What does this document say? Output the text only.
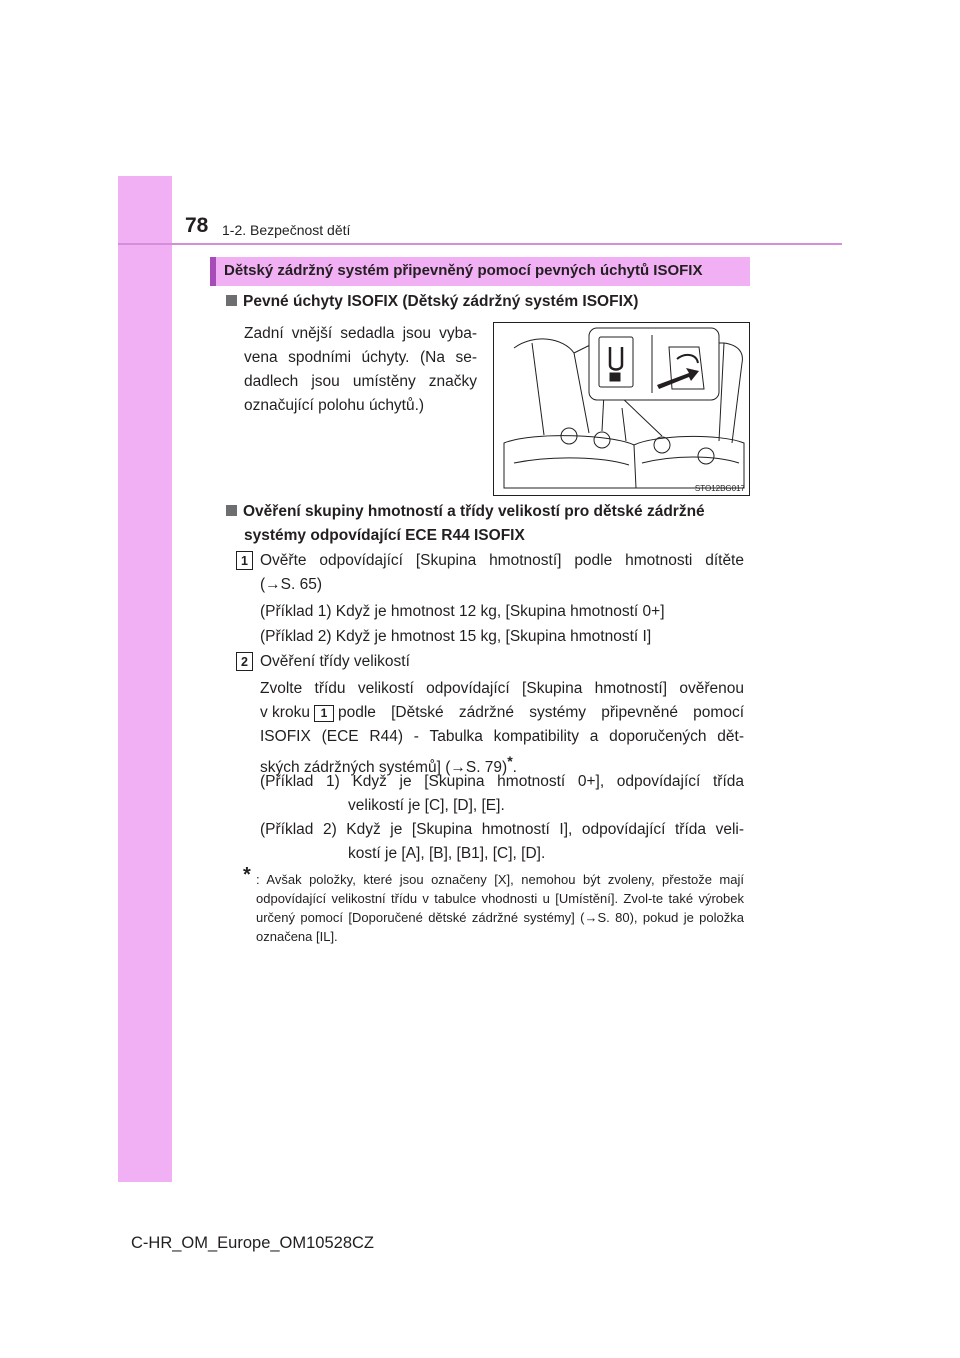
78 1-2. Bezpečnost dětí
Dětský zádržný systém připevněný pomocí pevných úchytů ISOFIX
Pevné úchyty ISOFIX (Dětský zádržný systém ISOFIX)
Zadní vnější sedadla jsou vyba-vena spodními úchyty. (Na se-dadlech jsou umístěny značky označující polohu úchytů.)
STO12BG017
Ověření skupiny hmotností a třídy velikostí pro dětské zádržné
systémy odpovídající ECE R44 ISOFIX
1 Ověřte odpovídající [Skupina hmotností] podle hmotnosti dítěte
(→S. 65)
(Příklad 1) Když je hmotnost 12 kg, [Skupina hmotností 0+]
(Příklad 2) Když je hmotnost 15 kg, [Skupina hmotností I]
2 Ověření třídy velikostí
Zvolte třídu velikostí odpovídající [Skupina hmotností] ověřenou
v kroku 1 podle [Dětské zádržné systémy připevněné pomocí
ISOFIX (ECE R44) - Tabulka kompatibility a doporučených dět-
ských zádržných systémů] (→S. 79)*.
(Příklad 1) Když je [Skupina hmotností 0+], odpovídající třída
velikostí je [C], [D], [E].
(Příklad 2) Když je [Skupina hmotností I], odpovídající třída veli-
kostí je [A], [B], [B1], [C], [D].
* : Avšak položky, které jsou označeny [X], nemohou být zvoleny, přestože mají odpovídající velikostní třídu v tabulce vhodnosti u [Umístění]. Zvol-te také výrobek určený pomocí [Doporučené dětské zádržné systémy] (→S. 80), pokud je položka označena [IL].
C-HR_OM_Europe_OM10528CZ
